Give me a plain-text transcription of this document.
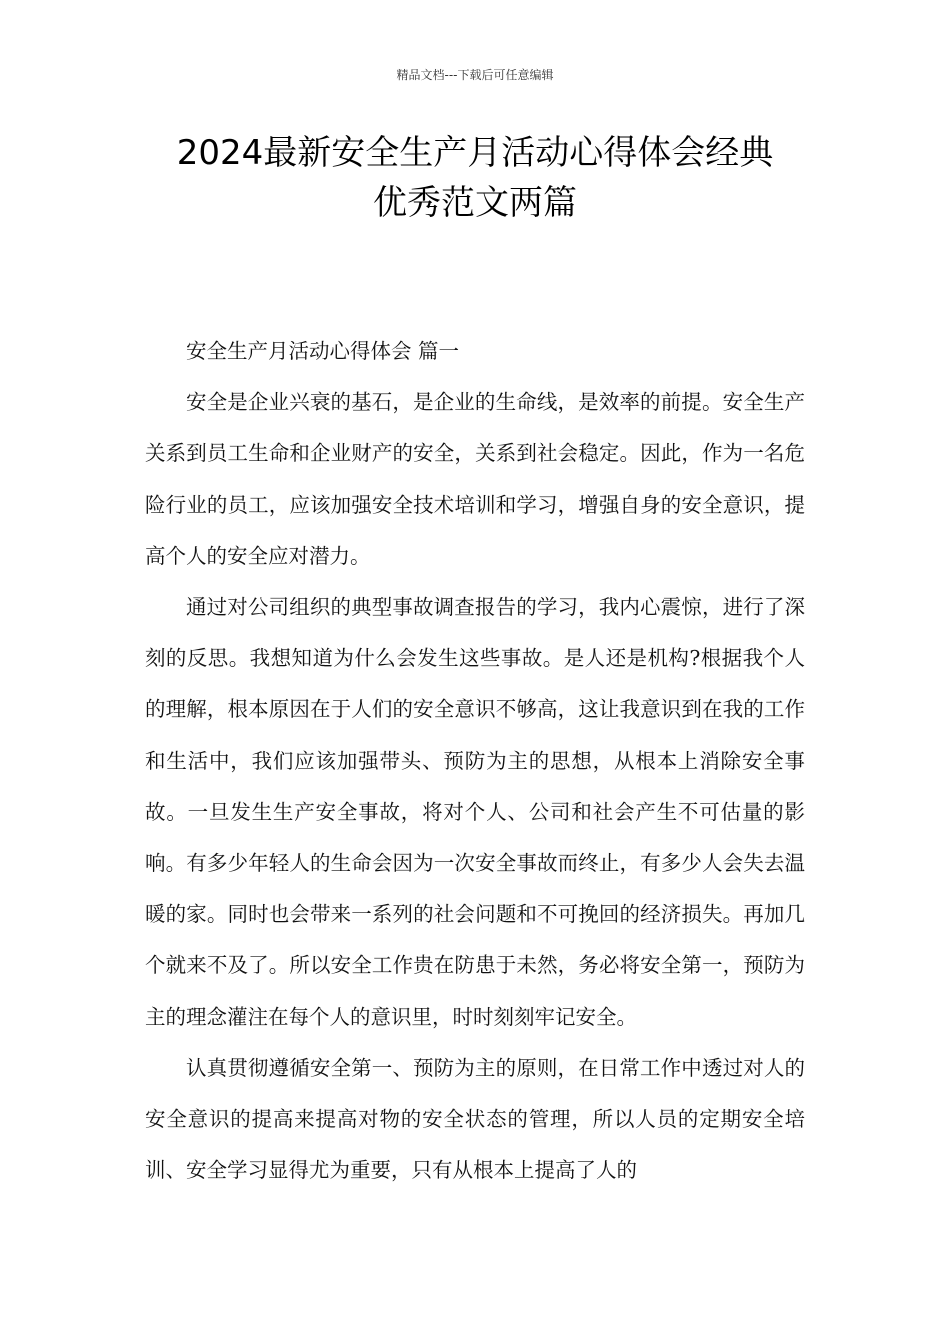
精品文档---下载后可任意编辑
2024最新安全生产月活动心得体会经典
优秀范文两篇

安全生产月活动心得体会 篇一

安全是企业兴衰的基石，是企业的生命线，是效率的前提。安全生产关系到员工生命和企业财产的安全，关系到社会稳定。因此，作为一名危险行业的员工，应该加强安全技术培训和学习，增强自身的安全意识，提高个人的安全应对潜力。

通过对公司组织的典型事故调查报告的学习，我内心震惊，进行了深刻的反思。我想知道为什么会发生这些事故。是人还是机构?根据我个人的理解，根本原因在于人们的安全意识不够高，这让我意识到在我的工作和生活中，我们应该加强带头、预防为主的思想，从根本上消除安全事故。一旦发生生产安全事故，将对个人、公司和社会产生不可估量的影响。有多少年轻人的生命会因为一次安全事故而终止，有多少人会失去温暖的家。同时也会带来一系列的社会问题和不可挽回的经济损失。再加几个就来不及了。所以安全工作贵在防患于未然，务必将安全第一，预防为主的理念灌注在每个人的意识里，时时刻刻牢记安全。

认真贯彻遵循安全第一、预防为主的原则，在日常工作中透过对人的安全意识的提高来提高对物的安全状态的管理，所以人员的定期安全培训、安全学习显得尤为重要，只有从根本上提高了人的
